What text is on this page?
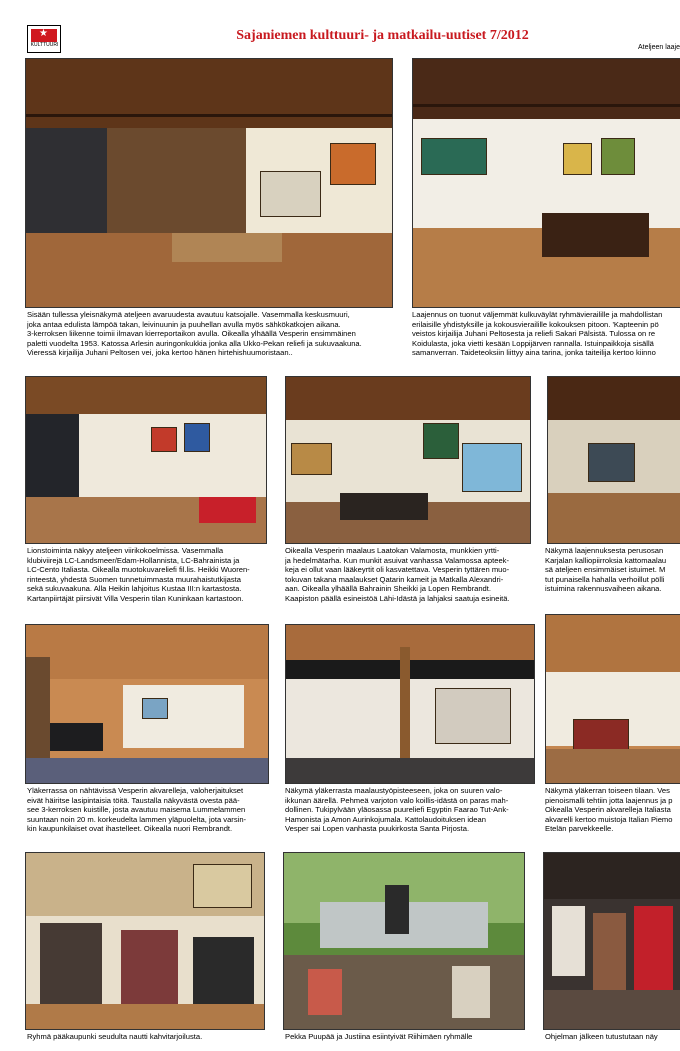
★
KULTTUURI
Sajaniemen kulttuuri- ja matkailu-uutiset 7/2012
Ateljeen laaje
Sisään tullessa yleisnäkymä ateljeen avaruudesta avautuu katsojalle. Vasemmalla keskusmuuri,
joka antaa edulista lämpöä takan, leivinuunin ja puuhellan avulla myös sähkökatkojen aikana.
3-kerroksen liikenne toimii ilmavan kierreportaikon avulla. Oikealla ylhäällä Vesperin ensimmäinen
paletti vuodelta 1953. Katossa Arlesin auringonkukkia jonka alla Ukko-Pekan reliefi ja sukuvaakuna.
Vieressä kirjailija Juhani Peltosen vei, joka kertoo hänen hirtehishuumoristaan..
Laajennus on tuonut väljemmät kulkuväylät ryhmävierailille ja mahdollistan
erilaisille yhdistyksille ja kokousvierailille kokouksen pitoon. 'Kapteenin pö
veistos kirjailija Juhani Peltosesta ja reliefi Sakari Pälsistä. Tulossa on re
Koidulasta, joka vietti kesään Loppijärven rannalla. Istuinpaikkoja sisällä
samanverran. Taideteoksiin liittyy aina tarina, jonka taiteilija kertoo kiinno
Lionstoiminta näkyy ateljeen viirikokoelmissa. Vasemmalla
klubiviirejä LC-Landsmeer/Edam-Hollannista, LC-Bahrainista ja
LC-Cento Italiasta. Oikealla muotokuvareliefi fil.lis. Heikki Wuoren-
rinteestä, yhdestä Suomen tunnetuimmasta muurahaistutkijasta
sekä sukuvaakuna. Alla Heikin lahjoitus Kustaa III:n kartastosta.
Kartanpiirtäjät piirsivät Villa Vesperin tilan Kuninkaan kartastoon.
Oikealla Vesperin maalaus Laatokan Valamosta, munkkien yrtti-
ja hedelmätarha. Kun munkit asuivat vanhassa Valamossa apteek-
keja ei ollut vaan lääkeyrtit oli kasvatettava. Vesperin tyttären muo-
tokuvan takana maalaukset Qatarin kameit ja Matkalla Alexandri-
aan. Oikealla ylhäällä Bahrainin Sheikki ja Lopen Rembrandt.
Kaapiston päällä esineistöä Lähi-Idästä ja lahjaksi saatuja esineitä.
Näkymä laajennuksesta perusosan
Karjalan kalliopiirroksia kattomaalau
sä ateljeen ensimmäiset istuimet. M
tut punaisella hahalla verhoillut pölli
istuimina rakennusvaiheen aikana.
Yläkerrassa on nähtävissä Vesperin akvarelleja, valoherjaitukset
eivät häiritse lasipintaisia töitä. Taustalla näkyvästä ovesta pää-
see 3-kerroksen kuistille, josta avautuu maisema Lummelammen
suuntaan noin 20 m. korkeudelta lammen yläpuolelta, jota varsin-
kin kaupunkilaiset ovat ihastelleet. Oikealla nuori Rembrandt.
Näkymä yläkerrasta maalaustyöpisteeseen, joka on suuren valo-
ikkunan äärellä. Pehmeä varjoton valo koillis-idästä on paras mah-
dollinen. Tukipylvään yläosassa puureliefi Egyptin Faarao Tut-Ank-
Hamonista ja Amon Aurinkojumala. Kattolaudoituksen idean
Vesper sai Lopen vanhasta puukirkosta Santa Pirjosta.
Näkymä yläkerran toiseen tilaan. Ves
pienoismalli tehtiin jotta laajennus ja p
Oikealla Vesperin akvarelleja Italiasta
akvarelli kertoo muistoja Italian Piemo
Etelän parvekkeelle.
Ryhmä pääkaupunki seudulta nautti kahvitarjoilusta.	Pekka Puupää ja Justiina esiintyivät Riihimäen ryhmälle	Ohjelman jälkeen tutustutaan näy
